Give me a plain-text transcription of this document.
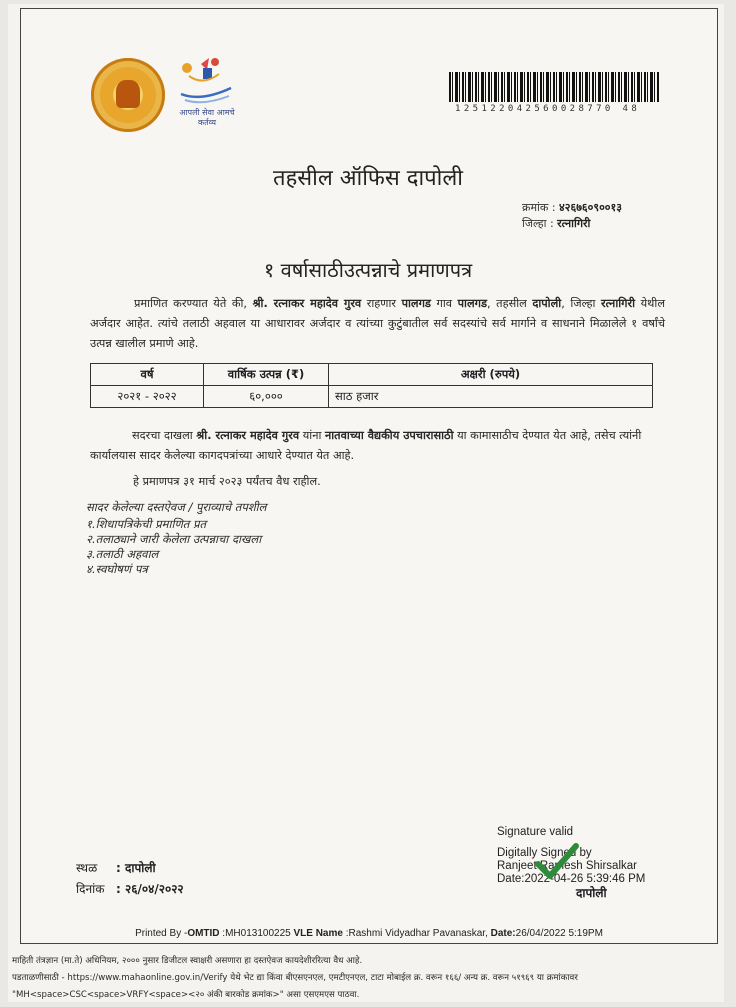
आपली सेवा आमचे कर्तव्य
125122042560028770 48
तहसील ऑफिस दापोली
क्रमांक : ४२६७६०९००१३
जिल्हा : रत्नागिरी
१ वर्षासाठीउत्पन्नाचे प्रमाणपत्र
प्रमाणित करण्यात येते की, श्री. रत्नाकर महादेव गुरव राहणार पालगड गाव पालगड, तहसील दापोली, जिल्हा रत्नागिरी येथील अर्जदार आहेत. त्यांचे तलाठी अहवाल या आधारावर अर्जदार व त्यांच्या कुटुंबातील सर्व सदस्यांचे सर्व मार्गाने व साधनाने मिळालेले १ वर्षांचे उत्पन्न खालील प्रमाणे आहे.
वर्ष	वार्षिक उत्पन्न (₹)	अक्षरी (रुपये)
२०२१ - २०२२	६०,०००	साठ हजार
सदरचा दाखला श्री. रत्नाकर महादेव गुरव यांना नातवाच्या वैद्यकीय उपचारासाठी या कामासाठीच देण्यात येत आहे, तसेच त्यांनी कार्यालयास सादर केलेल्या कागदपत्रांच्या आधारे देण्यात येत आहे.
हे प्रमाणपत्र ३१ मार्च २०२३ पर्यंतच वैध राहील.
सादर केलेल्या दस्तऐवज / पुराव्याचे तपशील
१.शिधापत्रिकेची प्रमाणित प्रत
२.तलाठ्याने जारी केलेला उत्पन्नाचा दाखला
३.तलाठी अहवाल
४.स्वघोषणं पत्र
Signature valid
Digitally Signed by
Ranjeet Ramesh Shirsalkar
Date:2022-04-26 5:39:46 PM
दापोली
स्थळ : दापोली
दिनांक : २६/०४/२०२२
Printed By -OMTID :MH013100225 VLE Name :Rashmi Vidyadhar Pavanaskar, Date:26/04/2022 5:19PM
माहिती तंत्रज्ञान (मा.ते) अधिनियम, २००० नुसार डिजीटल स्वाक्षरी असणारा हा दस्तऐवज कायदेशीररित्या वैध आहे.
पडताळणीसाठी - https://www.mahaonline.gov.in/Verify येथे भेट द्या किंवा बीएसएनएल, एमटीएनएल, टाटा मोबाईल क्र. वरून १६६/ अन्य क्र. वरून ५१९६९ या क्रमांकावर
"MH<space>CSC<space>VRFY<space><२० अंकी बारकोड क्रमांक>" असा एसएमएस पाठवा.
